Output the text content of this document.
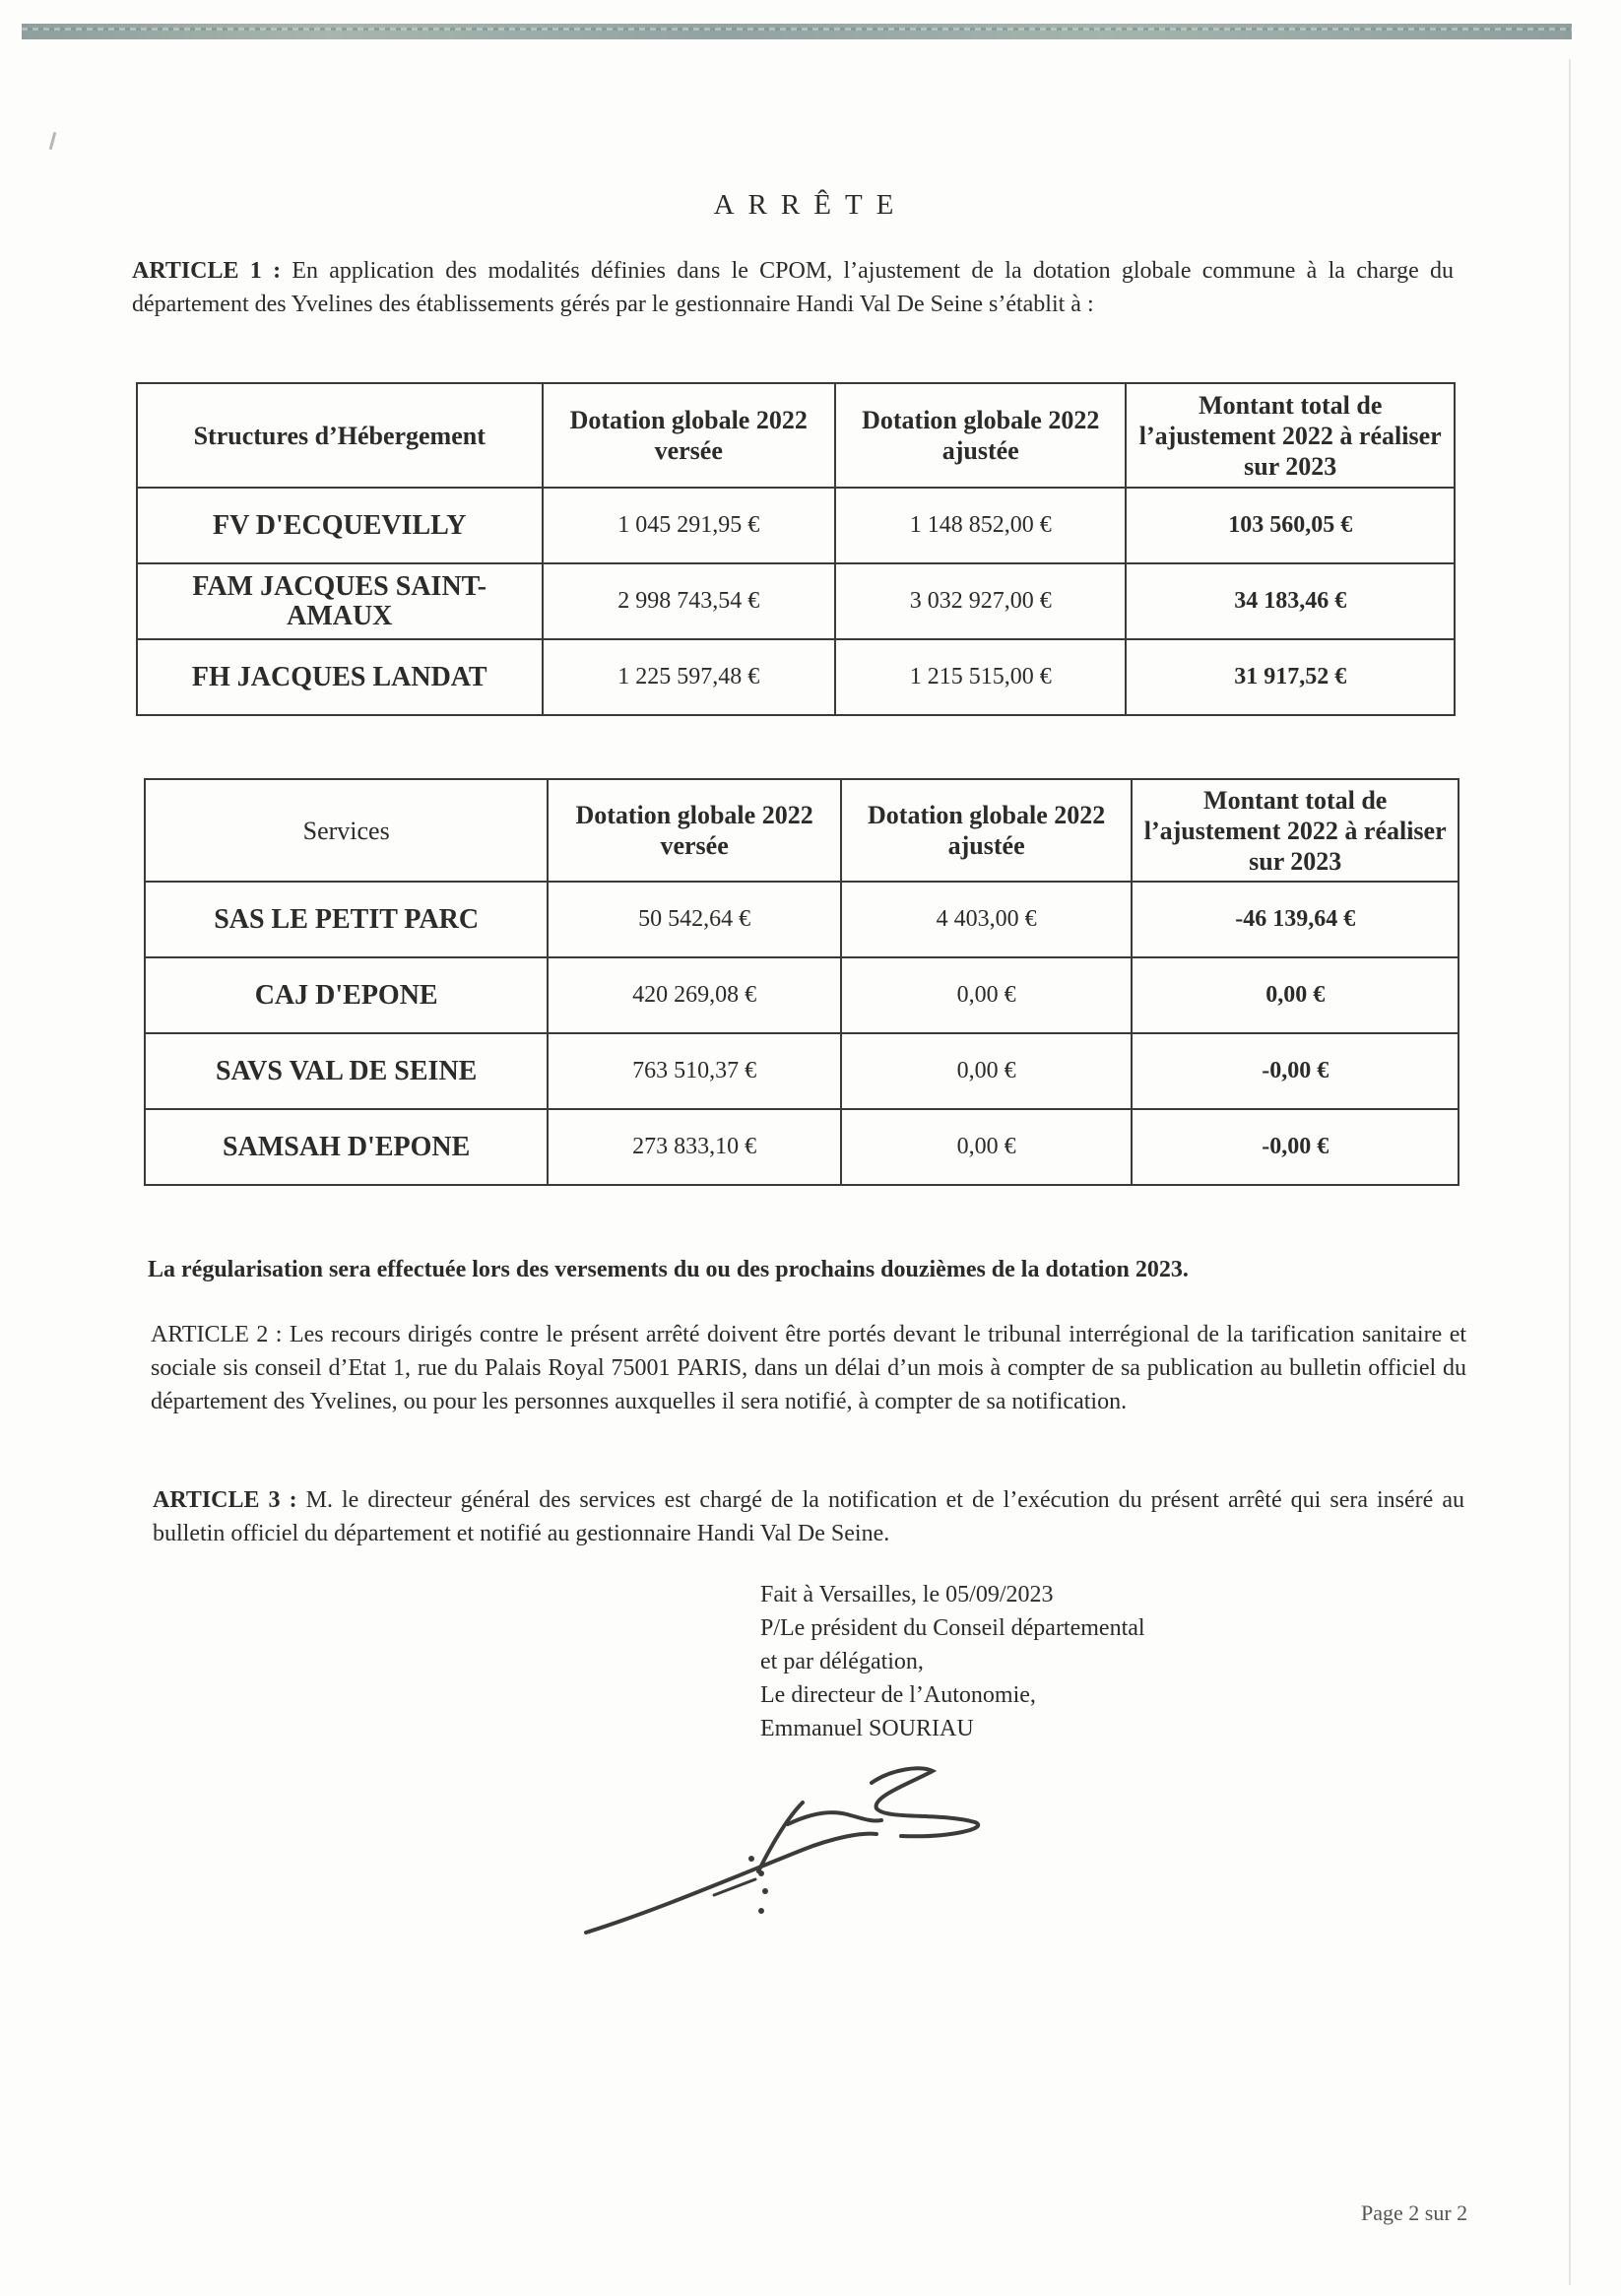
ARRÊTE
ARTICLE 1 : En application des modalités définies dans le CPOM, l’ajustement de la dotation globale commune à la charge du département des Yvelines des établissements gérés par le gestionnaire Handi Val De Seine s’établit à :
Structures d’Hébergement	Dotation globale 2022 versée	Dotation globale 2022 ajustée	Montant total de l’ajustement 2022 à réaliser sur 2023
FV D'ECQUEVILLY	1 045 291,95 €	1 148 852,00 €	103 560,05 €
FAM JACQUES SAINT-AMAUX	2 998 743,54 €	3 032 927,00 €	34 183,46 €
FH JACQUES LANDAT	1 225 597,48 €	1 215 515,00 €	31 917,52 €
Services	Dotation globale 2022 versée	Dotation globale 2022 ajustée	Montant total de l’ajustement 2022 à réaliser sur 2023
SAS LE PETIT PARC	50 542,64 €	4 403,00 €	-46 139,64 €
CAJ D'EPONE	420 269,08 €	0,00 €	0,00 €
SAVS VAL DE SEINE	763 510,37 €	0,00 €	-0,00 €
SAMSAH D'EPONE	273 833,10 €	0,00 €	-0,00 €
La régularisation sera effectuée lors des versements du ou des prochains douzièmes de la dotation 2023.
ARTICLE 2 : Les recours dirigés contre le présent arrêté doivent être portés devant le tribunal interrégional de la tarification sanitaire et sociale sis conseil d’Etat 1, rue du Palais Royal 75001 PARIS, dans un délai d’un mois à compter de sa publication au bulletin officiel du département des Yvelines, ou pour les personnes auxquelles il sera notifié, à compter de sa notification.
ARTICLE 3 : M. le directeur général des services est chargé de la notification et de l’exécution du présent arrêté qui sera inséré au bulletin officiel du département et notifié au gestionnaire Handi Val De Seine.
Fait à Versailles, le 05/09/2023
P/Le président du Conseil départemental
et par délégation,
Le directeur de l’Autonomie,
Emmanuel SOURIAU
Page 2 sur 2
